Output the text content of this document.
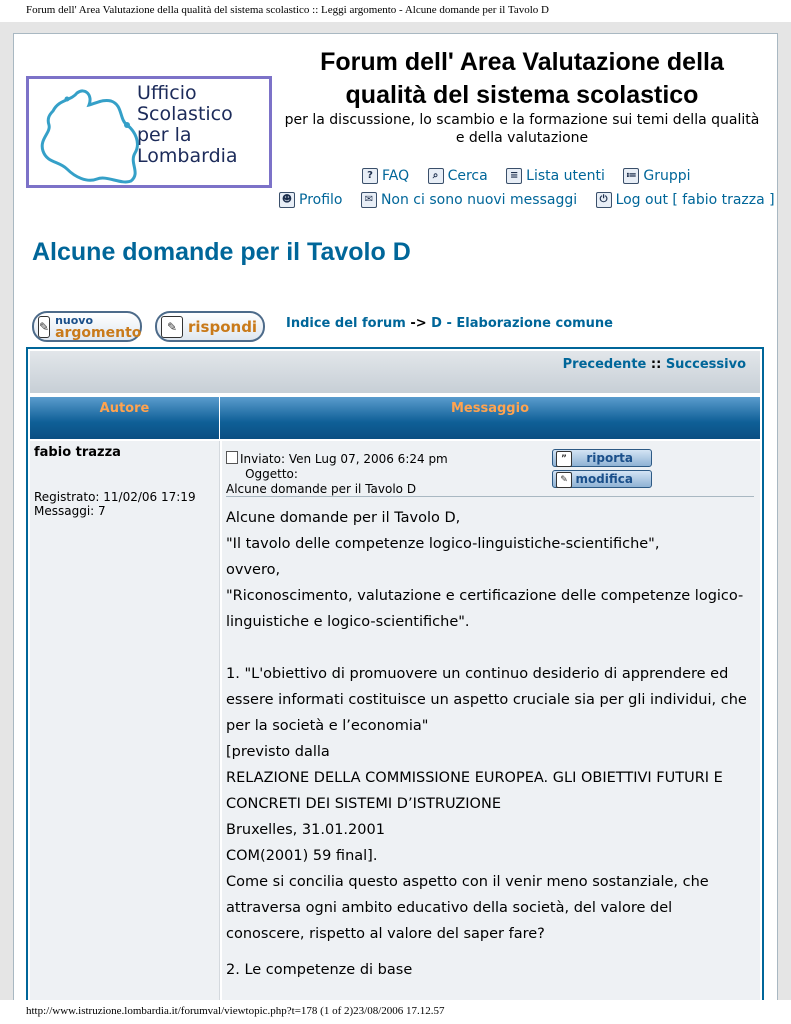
Forum dell' Area Valutazione della qualità del sistema scolastico :: Leggi argomento - Alcune domande per il Tavolo D
Ufficio
Scolastico
per la
Lombardia
Forum dell' Area Valutazione della qualità del sistema scolastico
per la discussione, lo scambio e la formazione sui temi della qualità e della valutazione
? FAQ
	⌕ Cerca
	≡ Lista utenti
≔ Gruppi
☻ Profilo
	✉ Non ci sono nuovi messaggi
	⏻ Log out [ fabio trazza ]
Alcune domande per il Tavolo D
✎ nuovo
argomento	✎ rispondi Indice del forum -> D - Elaborazione comune
Precedente :: Successivo
Autore	Messaggio
fabio trazza
Registrato: 11/02/06 17:19
Messaggi: 7
Inviato: Ven Lug 07, 2006 6:24 pm      Oggetto:
Alcune domande per il Tavolo D
”	riporta
✎ modifica

Alcune domande per il Tavolo D,

"Il tavolo delle competenze logico-linguistiche-scientifiche",

ovvero,

"Riconoscimento, valutazione e certificazione delle competenze logico-

linguistiche e logico-scientifiche".

1. "L'obiettivo di promuovere un continuo desiderio di apprendere ed

essere informati costituisce un aspetto cruciale sia per gli individui, che

per la società e l’economia"

[previsto dalla

RELAZIONE DELLA COMMISSIONE EUROPEA. GLI OBIETTIVI FUTURI E

CONCRETI DEI SISTEMI D’ISTRUZIONE

Bruxelles, 31.01.2001

COM(2001) 59 final].

Come si concilia questo aspetto con il venir meno sostanziale, che

attraversa ogni ambito educativo della società, del valore del

conoscere, rispetto al valore del saper fare?

2. Le competenze di base

http://www.istruzione.lombardia.it/forumval/viewtopic.php?t=178 (1 of 2)23/08/2006 17.12.57
